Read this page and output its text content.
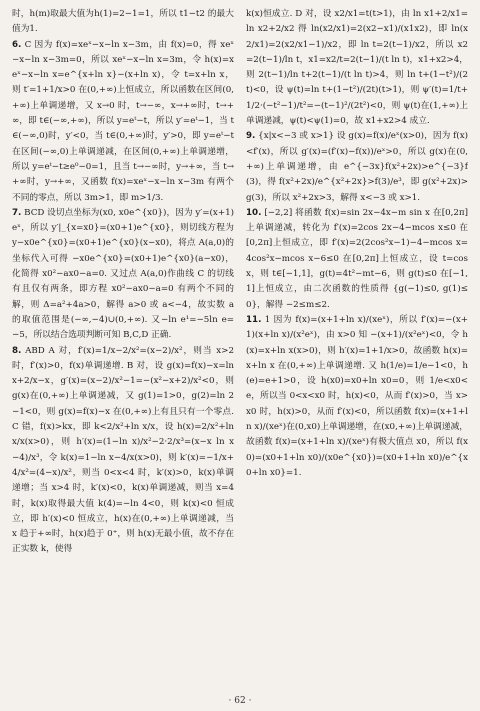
时，h(m)取最大值为h(1)=2−1=1，所以 t1−t2 的最大值为1.

6. C 因为 f(x)=xeˣ−x−ln x−3m，由 f(x)=0，得 xeˣ−x−ln x−3m=0，所以 xeˣ−x−ln x=3m，令 h(x)=xeˣ−x−ln x=e^{x+ln x}−(x+ln x)，令 t=x+ln x，则 t′=1+1/x>0 在(0,+∞)上恒成立，所以函数在区间(0,+∞)上单调递增，又 x→0 时，t→−∞，x→+∞时，t→+∞，即 t∈(−∞,+∞)，所以 y=eᵗ−t，所以 y′=eᵗ−1，当 t∈(−∞,0)时，y′<0，当 t∈(0,+∞)时，y′>0，即 y=eᵗ−t 在区间(−∞,0)上单调递减，在区间(0,+∞)上单调递增，所以 y=eᵗ−t≥e⁰−0=1，且当 t→−∞时，y→+∞，当 t→+∞时，y→+∞，又函数 f(x)=xeˣ−x−ln x−3m 有两个不同的零点，所以 3m>1，即 m>1/3.

7. BCD 设切点坐标为(x0, x0e^{x0})，因为 y′=(x+1)eˣ，所以 y′|_{x=x0}=(x0+1)e^{x0}，则切线方程为 y−x0e^{x0}=(x0+1)e^{x0}(x−x0)，将点 A(a,0)的坐标代入可得 −x0e^{x0}=(x0+1)e^{x0}(a−x0)，化简得 x0²−ax0−a=0. 又过点 A(a,0)作曲线 C 的切线有且仅有两条，即方程 x0²−ax0−a=0 有两个不同的解，则 Δ=a²+4a>0，解得 a>0 或 a<−4，故实数 a 的取值范围是(−∞,−4)∪(0,+∞). 又−ln e¹=−5ln e=−5，所以结合选项判断可知 B,C,D 正确.

8. ABD A 对，f′(x)=1/x−2/x²=(x−2)/x²，则当 x>2 时，f′(x)>0，f(x)单调递增. B 对，设 g(x)=f(x)−x=ln x+2/x−x，g′(x)=(x−2)/x²−1=−(x²−x+2)/x²<0，则 g(x)在(0,+∞)上单调递减，又 g(1)=1>0，g(2)=ln 2−1<0，则 g(x)=f(x)−x 在(0,+∞)上有且只有一个零点. C 错，f(x)>kx，即 k<2/x²+ln x/x，设 h(x)=2/x²+ln x/x(x>0)，则 h′(x)=(1−ln x)/x²−2·2/x³=(x−x ln x−4)/x³，令 k(x)=1−ln x−4/x(x>0)，则 k′(x)=−1/x+4/x²=(4−x)/x²，则当 0<x<4 时，k′(x)>0，k(x)单调递增；当 x>4 时，k′(x)<0，k(x)单调递减，则当 x=4 时，k(x)取得最大值 k(4)=−ln 4<0，则 k(x)<0 恒成立，即 h′(x)<0 恒成立，h(x)在(0,+∞)上单调递减，当 x 趋于+∞时，h(x)趋于 0⁺，则 h(x)无最小值，故不存在正实数 k，使得

k(x)恒成立. D 对，设 x2/x1=t(t>1)，由 ln x1+2/x1=ln x2+2/x2 得 ln(x2/x1)=2(x2−x1)/(x1x2)，即 ln(x2/x1)=2(x2/x1−1)/x2，即 ln t=2(t−1)/x2，所以 x2=2(t−1)/ln t，x1=x2/t=2(t−1)/(t ln t)，x1+x2>4，则 2(t−1)/ln t+2(t−1)/(t ln t)>4，则 ln t+(1−t²)/(2t)<0，设 ψ(t)=ln t+(1−t²)/(2t)(t>1)，则 ψ′(t)=1/t+1/2·(−t²−1)/t²=−(t−1)²/(2t²)<0，则 ψ(t)在(1,+∞)上单调递减，ψ(t)<ψ(1)=0，故 x1+x2>4 成立.

9. {x|x<−3 或 x>1} 设 g(x)=f(x)/eˣ(x>0)，因为 f(x)<f′(x)，所以 g′(x)=(f′(x)−f(x))/eˣ>0，所以 g(x)在(0,+∞)上单调递增，由 e^{−3x}f(x²+2x)>e^{−3}f(3)，得 f(x²+2x)/e^{x²+2x}>f(3)/e³，即 g(x²+2x)>g(3)，所以 x²+2x>3，解得 x<−3 或 x>1.

10. [−2,2] 将函数 f(x)=sin 2x−4x−m sin x 在[0,2π]上单调递减，转化为 f′(x)=2cos 2x−4−mcos x≤0 在[0,2π]上恒成立，即 f′(x)=2(2cos²x−1)−4−mcos x=4cos²x−mcos x−6≤0 在[0,2π]上恒成立，设 t=cos x，则 t∈[−1,1]，g(t)=4t²−mt−6，则 g(t)≤0 在[−1,1]上恒成立，由二次函数的性质得 {g(−1)≤0, g(1)≤0}，解得 −2≤m≤2.

11. 1 因为 f(x)=(x+1+ln x)/(xeˣ)，所以 f′(x)=−(x+1)(x+ln x)/(x²eˣ)，由 x>0 知 −(x+1)/(x²eˣ)<0，令 h(x)=x+ln x(x>0)，则 h′(x)=1+1/x>0，故函数 h(x)=x+ln x 在(0,+∞)上单调递增. 又 h(1/e)=1/e−1<0，h(e)=e+1>0，设 h(x0)=x0+ln x0=0，则 1/e<x0<e，所以当 0<x<x0 时，h(x)<0，从而 f′(x)>0，当 x>x0 时，h(x)>0，从而 f′(x)<0，所以函数 f(x)=(x+1+ln x)/(xeˣ)在(0,x0)上单调递增，在(x0,+∞)上单调递减，故函数 f(x)=(x+1+ln x)/(xeˣ)有极大值点 x0，所以 f(x0)=(x0+1+ln x0)/(x0e^{x0})=(x0+1+ln x0)/e^{x0+ln x0}=1.

· 62 ·
